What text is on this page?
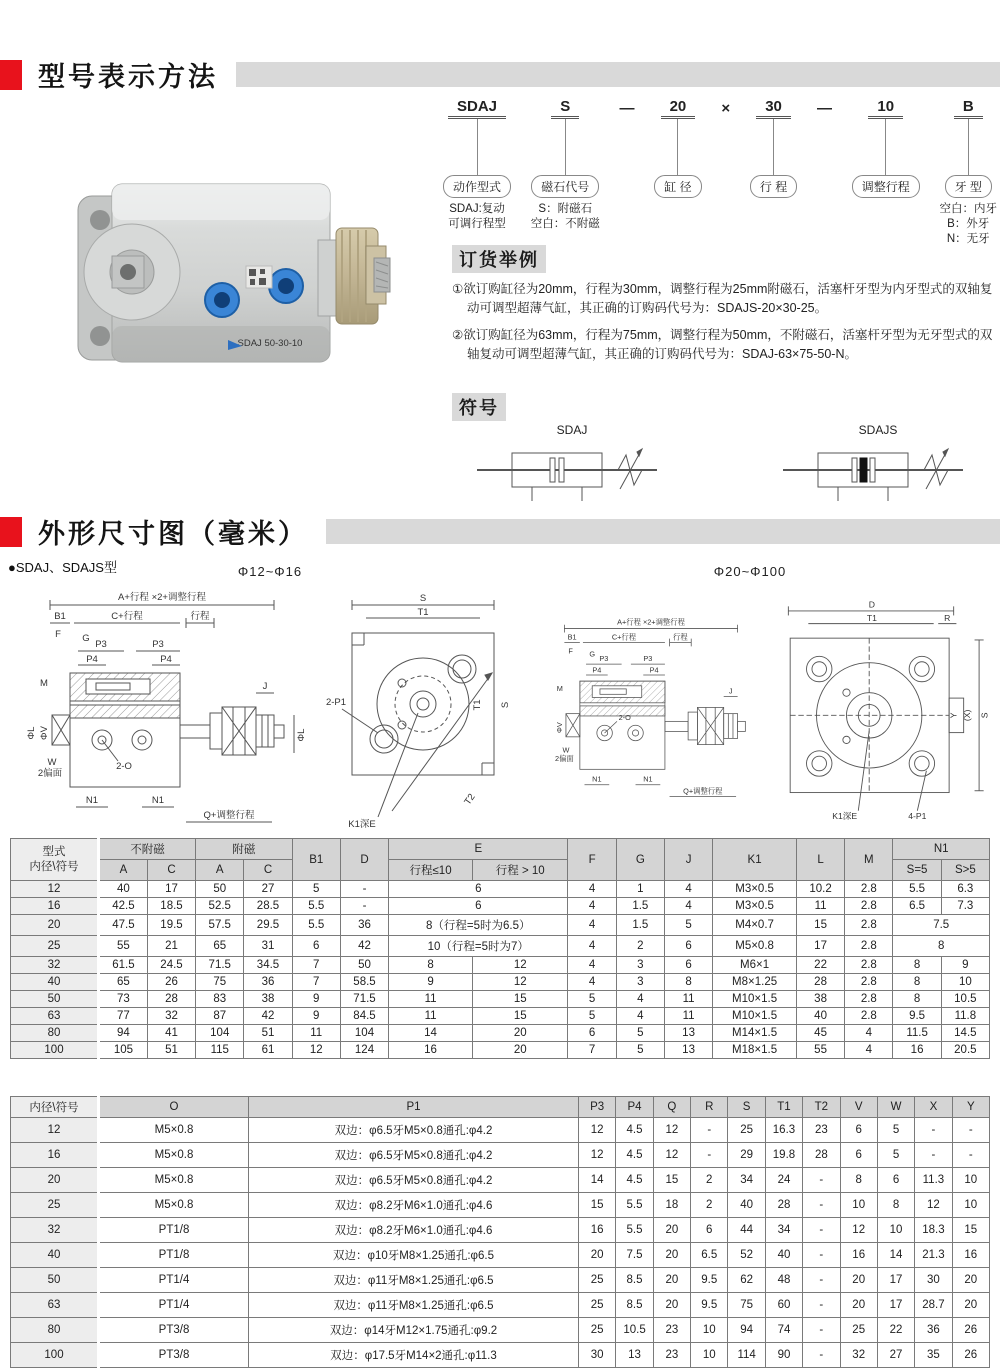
型号表示方法
SDAJ 50-30-10
SDAJ
动作型式
SDAJ:复动
可调行程型
S
磁石代号
S：附磁石
空白：不附磁
—	20
缸 径
×	30
行 程
—	10
调整行程
B
牙 型
空白：内牙
B：外牙
N：无牙
订货举例

①欲订购缸径为20mm，行程为30mm，调整行程为25mm附磁石，活塞杆牙型为内牙型式的双轴复动可调型超薄气缸，其正确的订购码代号为：SDAJS-20×30-25。

②欲订购缸径为63mm，行程为75mm，调整行程为50mm，不附磁石，活塞杆牙型为无牙型式的双轴复动可调型超薄气缸，其正确的订购码代号为：SDAJ-63×75-50-N。

符号
SDAJ	SDAJS
外形尺寸图（毫米）
●SDAJ、SDAJS型	Φ12~Φ16	Φ20~Φ100
A+行程 ×2+调整行程
B1	C+行程	行程
F G
P3	P3
P4	P4
M
ΦL ΦV
W
2偏面
2-O
J
ΦL
N1	N1
Q+调整行程
S
T1
T1 S
T2
2-P1
K1深E
A+行程 ×2+调整行程
B1	C+行程	行程
F G
P3	P3
P4	P4
M
ΦV
W
2偏面
2-O
J
N1	N1
Q+调整行程
D
T1	R
Y (X) S
K1深E	4-P1
型式
内径\符号	不附磁		附磁		B1	D	E		F	G	J	K1	L	M	N1	
	A	C	A	C			行程≤10	行程 > 10							S=5	S>5
12	40	17	50	27	5	-	6		4	1	4	M3×0.5	10.2	2.8	5.5	6.3
16	42.5	18.5	52.5	28.5	5.5	-	6		4	1.5	4	M3×0.5	11	2.8	6.5	7.3
20	47.5	19.5	57.5	29.5	5.5	36	8（行程=5时为6.5）		4	1.5	5	M4×0.7	15	2.8	7.5	
25	55	21	65	31	6	42	10（行程=5时为7）		4	2	6	M5×0.8	17	2.8	8	
32	61.5	24.5	71.5	34.5	7	50	8	12	4	3	6	M6×1	22	2.8	8	9
40	65	26	75	36	7	58.5	9	12	4	3	8	M8×1.25	28	2.8	8	10
50	73	28	83	38	9	71.5	11	15	5	4	11	M10×1.5	38	2.8	8	10.5
63	77	32	87	42	9	84.5	11	15	5	4	11	M10×1.5	40	2.8	9.5	11.8
80	94	41	104	51	11	104	14	20	6	5	13	M14×1.5	45	4	11.5	14.5
100	105	51	115	61	12	124	16	20	7	5	13	M18×1.5	55	4	16	20.5
内径\符号	O	P1	P3	P4	Q	R	S	T1	T2	V	W	X	Y
12	M5×0.8	双边：φ6.5牙M5×0.8通孔:φ4.2	12	4.5	12	-	25	16.3	23	6	5	-	-
16	M5×0.8	双边：φ6.5牙M5×0.8通孔:φ4.2	12	4.5	12	-	29	19.8	28	6	5	-	-
20	M5×0.8	双边：φ6.5牙M5×0.8通孔:φ4.2	14	4.5	15	2	34	24	-	8	6	11.3	10
25	M5×0.8	双边：φ8.2牙M6×1.0通孔:φ4.6	15	5.5	18	2	40	28	-	10	8	12	10
32	PT1/8	双边：φ8.2牙M6×1.0通孔:φ4.6	16	5.5	20	6	44	34	-	12	10	18.3	15
40	PT1/8	双边：φ10牙M8×1.25通孔:φ6.5	20	7.5	20	6.5	52	40	-	16	14	21.3	16
50	PT1/4	双边：φ11牙M8×1.25通孔:φ6.5	25	8.5	20	9.5	62	48	-	20	17	30	20
63	PT1/4	双边：φ11牙M8×1.25通孔:φ6.5	25	8.5	20	9.5	75	60	-	20	17	28.7	20
80	PT3/8	双边：φ14牙M12×1.75通孔:φ9.2	25	10.5	23	10	94	74	-	25	22	36	26
100	PT3/8	双边：φ17.5牙M14×2通孔:φ11.3	30	13	23	10	114	90	-	32	27	35	26
